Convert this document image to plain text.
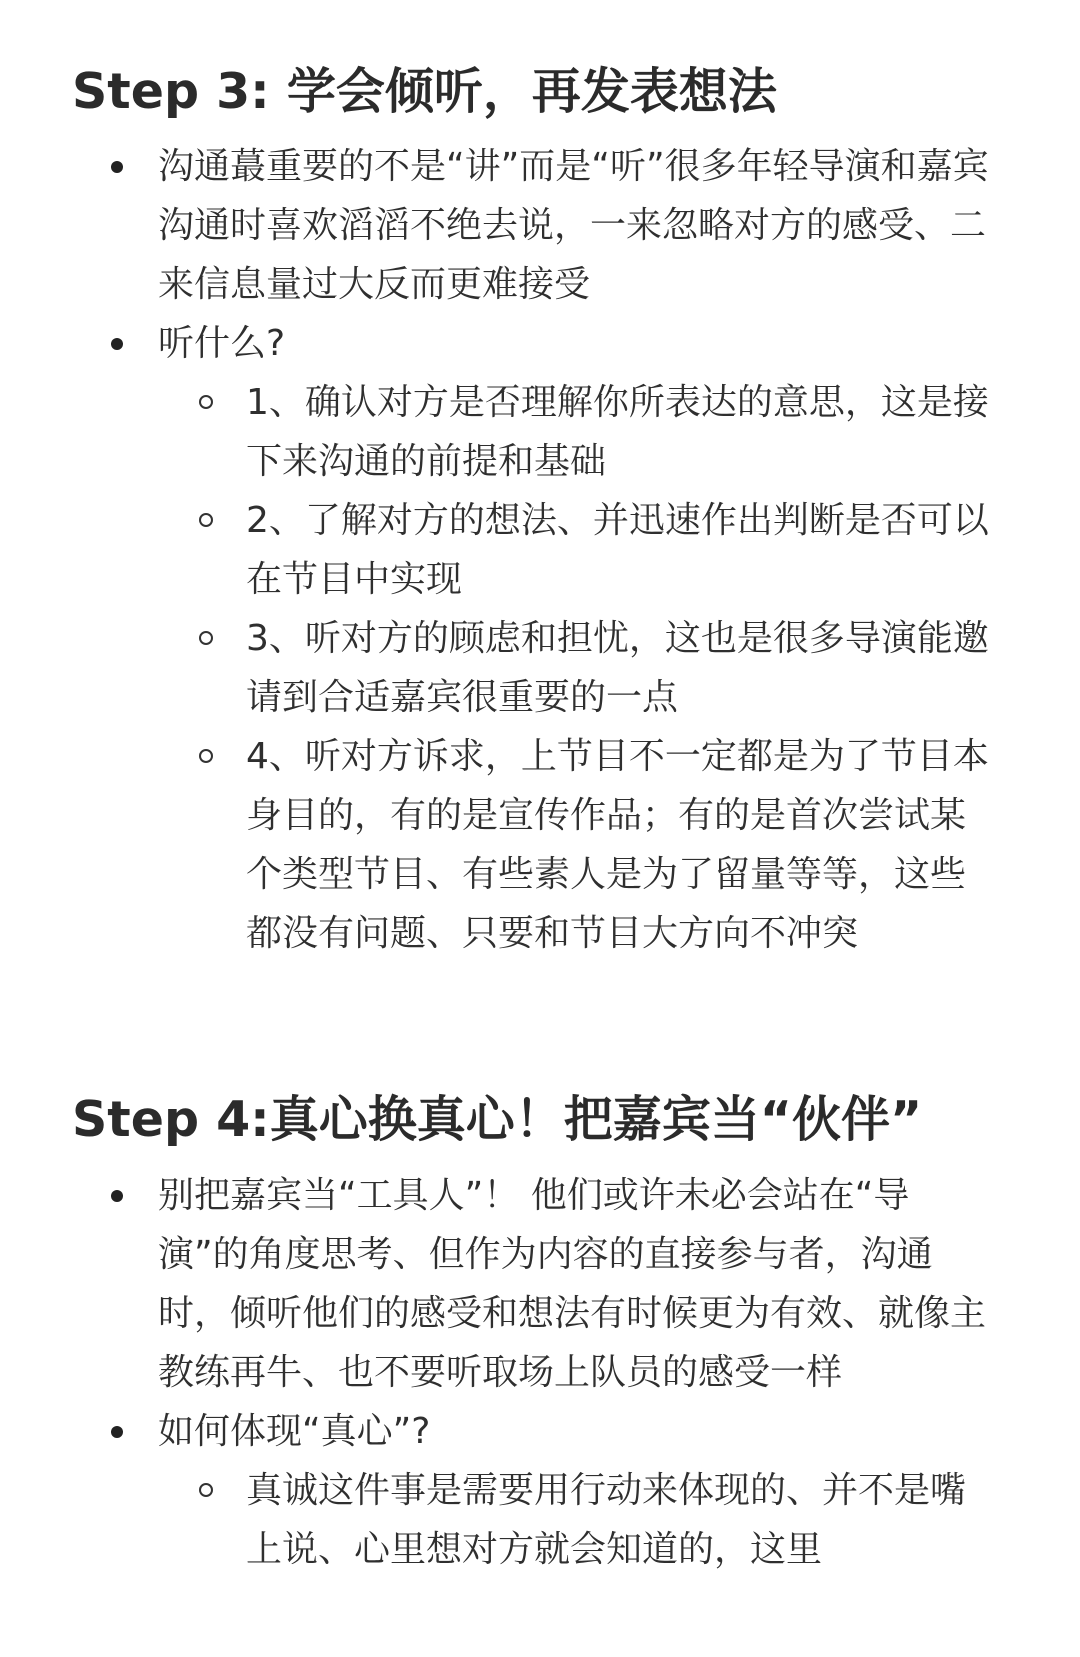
Step 3: 学会倾听，再发表想法
沟通蕞重要的不是“讲”而是“听”很多年轻导演和嘉宾沟通时喜欢滔滔不绝去说，一来忽略对方的感受、二来信息量过大反而更难接受
听什么?
1、确认对方是否理解你所表达的意思，这是接下来沟通的前提和基础
2、了解对方的想法、并迅速作出判断是否可以在节目中实现
3、听对方的顾虑和担忧，这也是很多导演能邀请到合适嘉宾很重要的一点
4、听对方诉求，上节目不一定都是为了节目本身目的，有的是宣传作品；有的是首次尝试某个类型节目、有些素人是为了留量等等，这些都没有问题、只要和节目大方向不冲突
Step 4:真心换真心！把嘉宾当“伙伴”
别把嘉宾当“工具人”！ 他们或许未必会站在“导演”的角度思考、但作为内容的直接参与者，沟通时，倾听他们的感受和想法有时候更为有效、就像主教练再牛、也不要听取场上队员的感受一样
如何体现“真心”?
真诚这件事是需要用行动来体现的、并不是嘴上说、心里想对方就会知道的，这里
